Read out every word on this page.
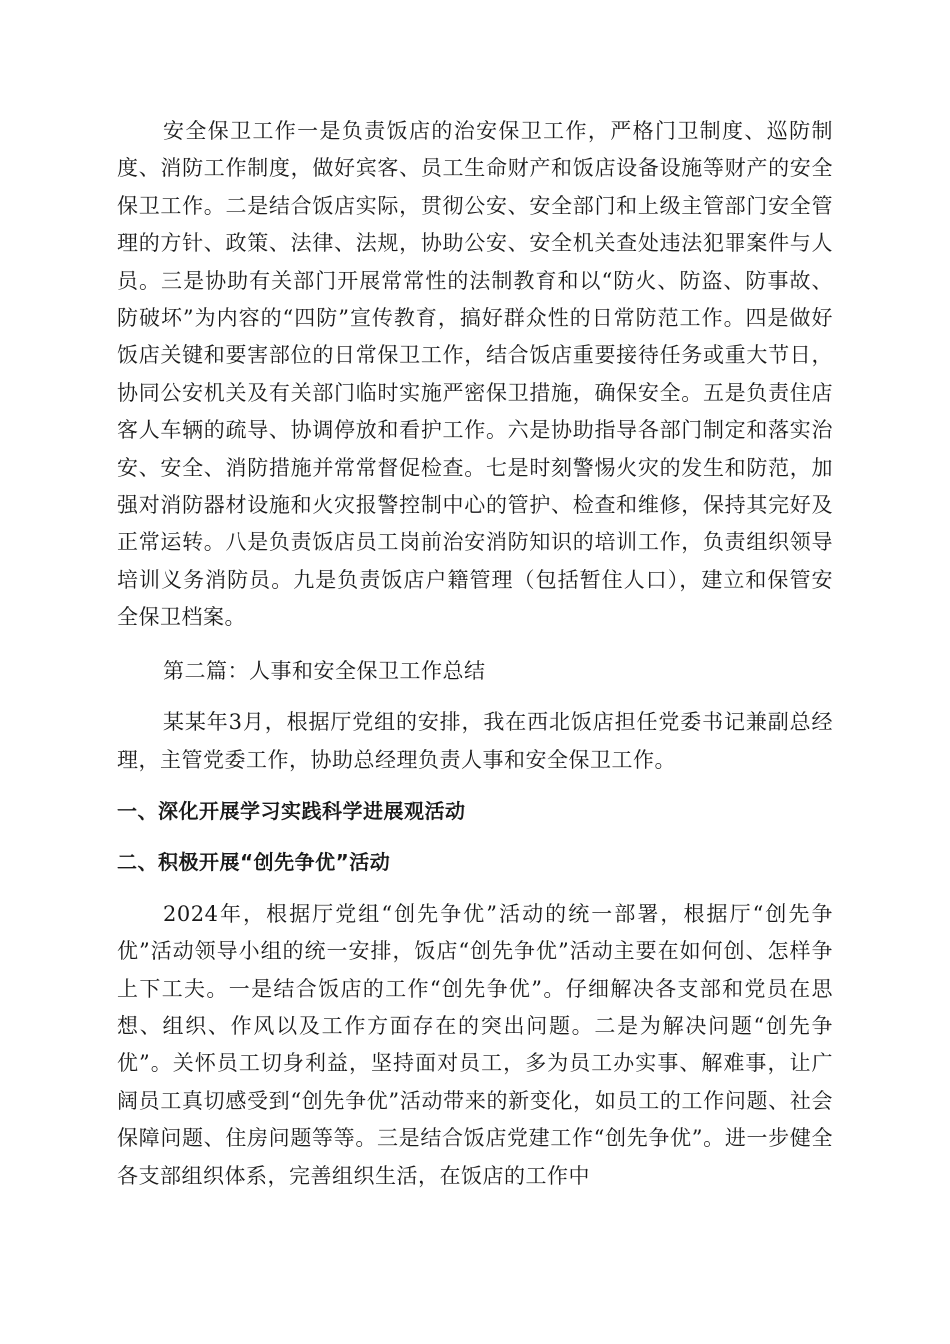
安全保卫工作一是负责饭店的治安保卫工作，严格门卫制度、巡防制度、消防工作制度，做好宾客、员工生命财产和饭店设备设施等财产的安全保卫工作。二是结合饭店实际，贯彻公安、安全部门和上级主管部门安全管理的方针、政策、法律、法规，协助公安、安全机关查处违法犯罪案件与人员。三是协助有关部门开展常常性的法制教育和以“防火、防盗、防事故、防破坏”为内容的“四防”宣传教育，搞好群众性的日常防范工作。四是做好饭店关键和要害部位的日常保卫工作，结合饭店重要接待任务或重大节日，协同公安机关及有关部门临时实施严密保卫措施，确保安全。五是负责住店客人车辆的疏导、协调停放和看护工作。六是协助指导各部门制定和落实治安、安全、消防措施并常常督促检查。七是时刻警惕火灾的发生和防范，加强对消防器材设施和火灾报警控制中心的管护、检查和维修，保持其完好及正常运转。八是负责饭店员工岗前治安消防知识的培训工作，负责组织领导培训义务消防员。九是负责饭店户籍管理（包括暂住人口），建立和保管安全保卫档案。

第二篇：人事和安全保卫工作总结

某某年3月，根据厅党组的安排，我在西北饭店担任党委书记兼副总经理，主管党委工作，协助总经理负责人事和安全保卫工作。

一、深化开展学习实践科学进展观活动
二、积极开展“创先争优”活动

2024年，根据厅党组“创先争优”活动的统一部署，根据厅“创先争优”活动领导小组的统一安排，饭店“创先争优”活动主要在如何创、怎样争上下工夫。一是结合饭店的工作“创先争优”。仔细解决各支部和党员在思想、组织、作风以及工作方面存在的突出问题。二是为解决问题“创先争优”。关怀员工切身利益，坚持面对员工，多为员工办实事、解难事，让广阔员工真切感受到“创先争优”活动带来的新变化，如员工的工作问题、社会保障问题、住房问题等等。三是结合饭店党建工作“创先争优”。进一步健全各支部组织体系，完善组织生活，在饭店的工作中
